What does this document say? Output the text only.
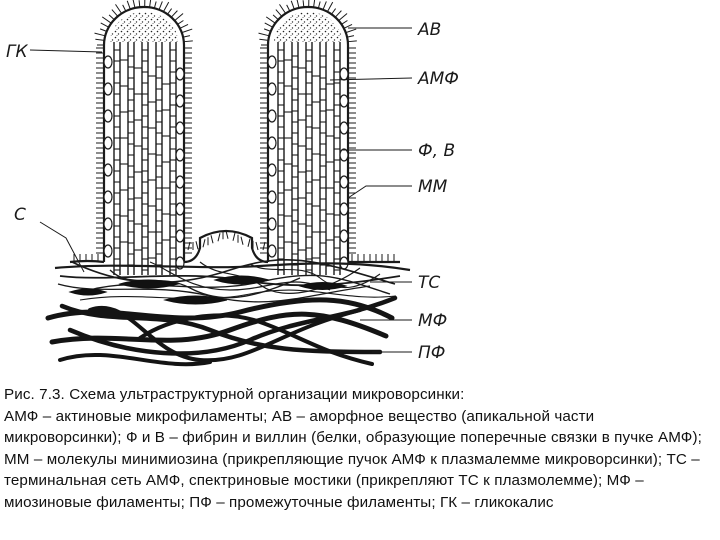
ГК
АВ
АМФ
Ф, В
ММ
С
ТС
МФ
ПФ

Рис. 7.3. Схема ультраструктурной организации микроворсинки:

АМФ – актиновые микрофиламенты; АВ – аморфное вещество (апикальной части микроворсинки); Ф и В – фибрин и виллин (белки, образующие поперечные связки в пучке АМФ); ММ – молекулы минимиозина (прикрепляющие пучок АМФ к плазмалемме микроворсинки); ТС – терминальная сеть АМФ, спектриновые мостики (прикрепляют ТС к плазмолемме); МФ – миозиновые филаменты; ПФ – промежуточные филаменты; ГК – гликокалис
